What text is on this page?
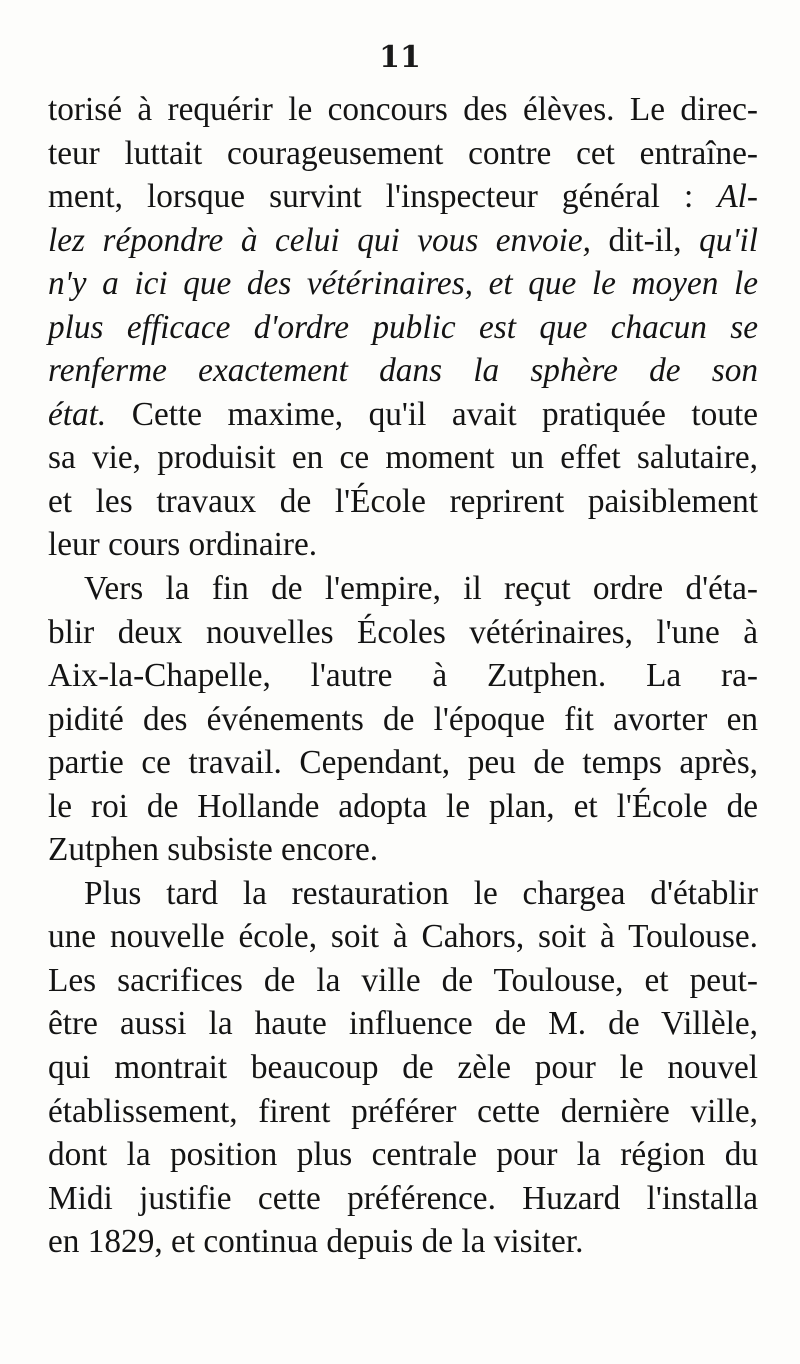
11
torisé à requérir le concours des élèves. Le direc-
teur luttait courageusement contre cet entraîne-
ment, lorsque survint l'inspecteur général : Al-
lez répondre à celui qui vous envoie, dit-il, qu'il
n'y a ici que des vétérinaires, et que le moyen le
plus efficace d'ordre public est que chacun se
renferme exactement dans la sphère de son
état. Cette maxime, qu'il avait pratiquée toute
sa vie, produisit en ce moment un effet salutaire,
et les travaux de l'École reprirent paisiblement
leur cours ordinaire.
Vers la fin de l'empire, il reçut ordre d'éta-
blir deux nouvelles Écoles vétérinaires, l'une à
Aix-la-Chapelle, l'autre à Zutphen. La ra-
pidité des événements de l'époque fit avorter en
partie ce travail. Cependant, peu de temps après,
le roi de Hollande adopta le plan, et l'École de
Zutphen subsiste encore.
Plus tard la restauration le chargea d'établir
une nouvelle école, soit à Cahors, soit à Toulouse.
Les sacrifices de la ville de Toulouse, et peut-
être aussi la haute influence de M. de Villèle,
qui montrait beaucoup de zèle pour le nouvel
établissement, firent préférer cette dernière ville,
dont la position plus centrale pour la région du
Midi justifie cette préférence. Huzard l'installa
en 1829, et continua depuis de la visiter.
